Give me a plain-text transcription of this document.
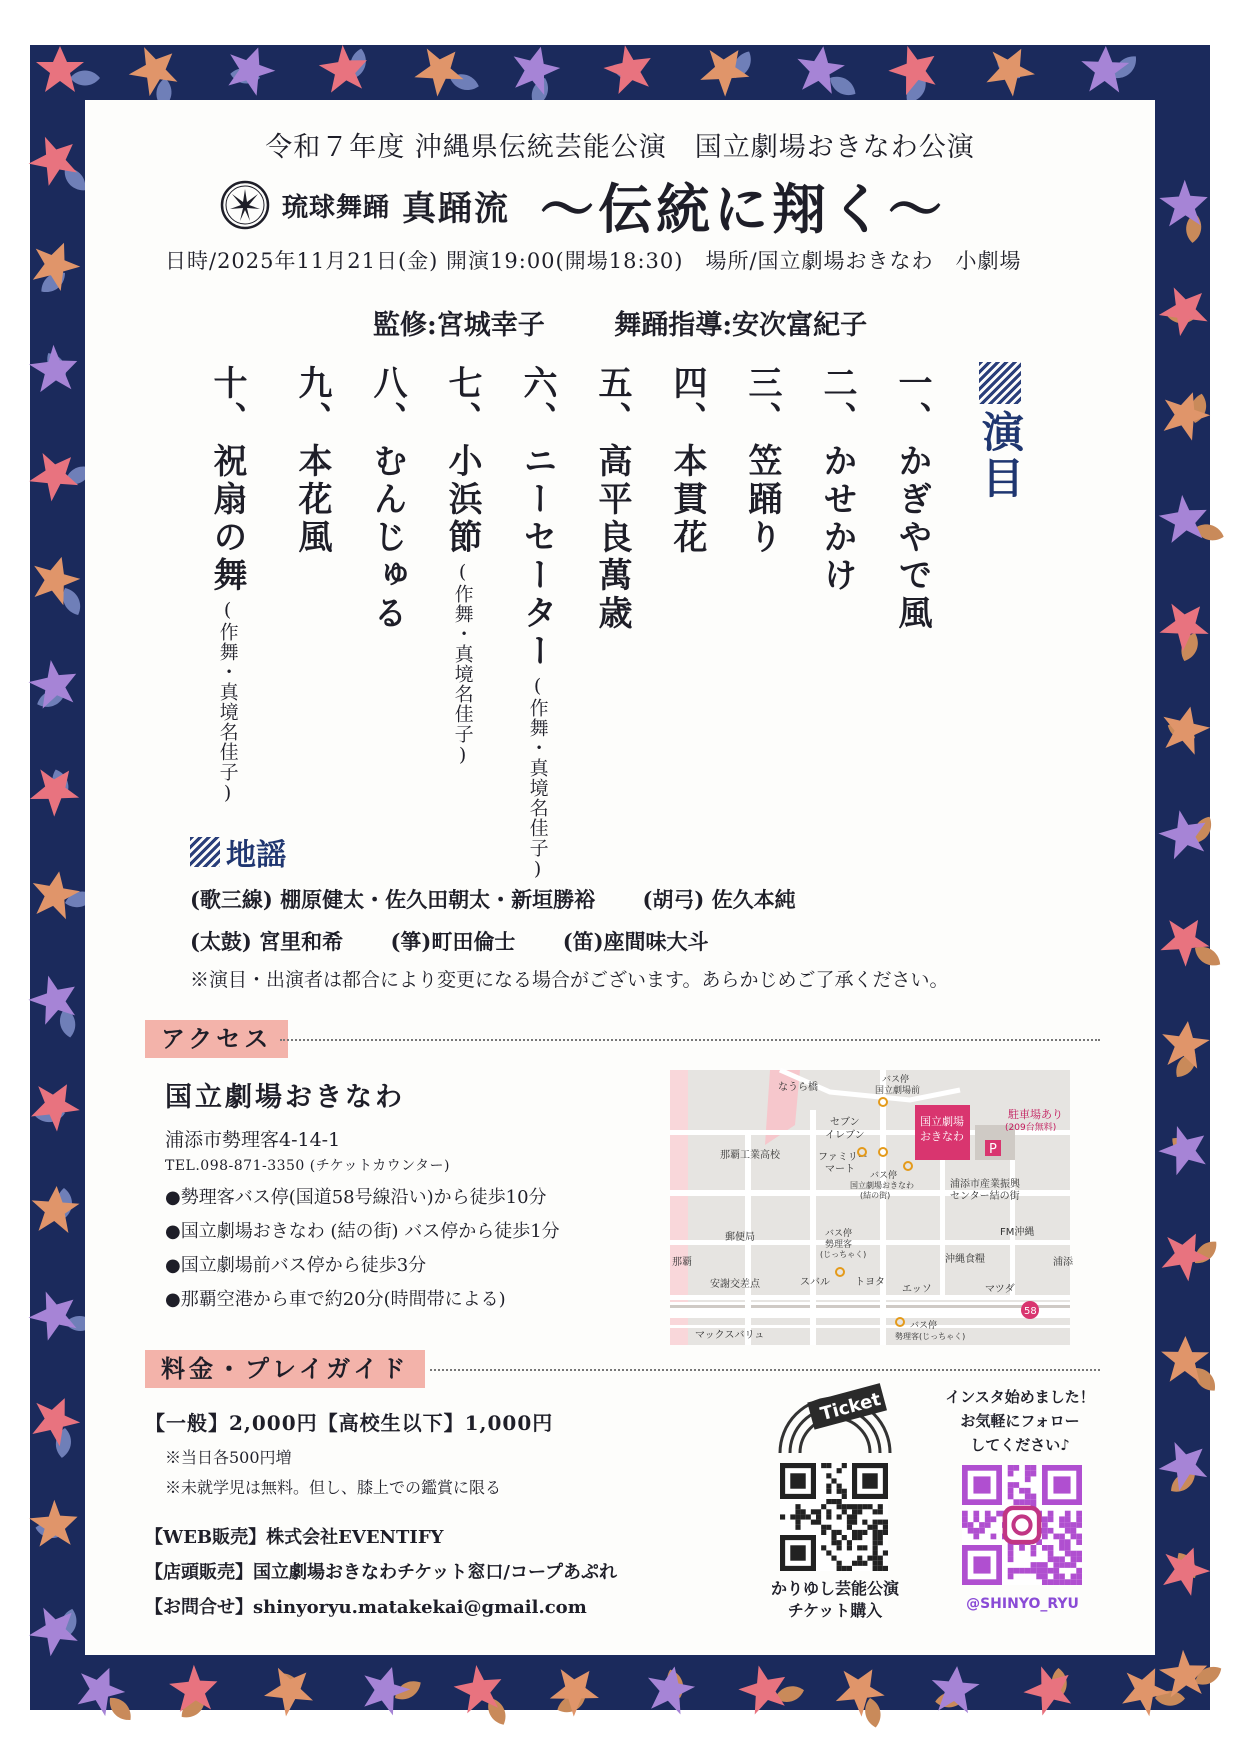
令和７年度 沖縄県伝統芸能公演　国立劇場おきなわ公演
琉球舞踊 真踊流 〜伝統に翔く〜
日時/2025年11月21日(金) 開演19:00(開場18:30)　場所/国立劇場おきなわ　小劇場
監修:宮城幸子	舞踊指導:安次富紀子
演目
一、
かぎやで風
二、
かせかけ
三、
笠踊り
四、
本貫花
五、
高平良萬歳
六、
ニーセーター
(作舞・真境名佳子)
七、
小浜節
(作舞・真境名佳子)
八、
むんじゅる
九、
本花風
十、
祝扇の舞
(作舞・真境名佳子)
地謡
(歌三線) 棚原健太・佐久田朝太・新垣勝裕 (胡弓) 佐久本純
(太鼓) 宮里和希 (箏)町田倫士 (笛)座間味大斗
※演目・出演者は都合により変更になる場合がございます。あらかじめご了承ください。
アクセス
国立劇場おきなわ
浦添市勢理客4-14-1
TEL.098-871-3350 (チケットカウンター)
●勢理客バス停(国道58号線沿い)から徒歩10分
●国立劇場おきなわ (結の街) バス停から徒歩1分
●国立劇場前バス停から徒歩3分
●那覇空港から車で約20分(時間帯による)
P
なうら橋
バス停
国立劇場前
セブン
イレブン
国立劇場
おきなわ
駐車場あり
(209台無料)
那覇工業高校	ファミリー
マート
バス停
国立劇場おきなわ
(結の街)
浦添市産業振興
センター結の街
FM沖縄
郵便局	バス停
勢理客
(じっちゃく)	沖縄食糧
那覇	浦添
安謝交差点	スバル	トヨタ
エッソ	マツダ
58
マックスバリュ
バス停
勢理客(じっちゃく)
料金・プレイガイド
【一般】2,000円【高校生以下】1,000円
※当日各500円増
※未就学児は無料。但し、膝上での鑑賞に限る
【WEB販売】株式会社EVENTIFY
【店頭販売】国立劇場おきなわチケット窓口/コープあぷれ
【お問合せ】shinyoryu.matakekai@gmail.com
Ticket
かりゆし芸能公演
チケット購入
インスタ始めました！
お気軽にフォロー
してください♪
@SHINYO_RYU
